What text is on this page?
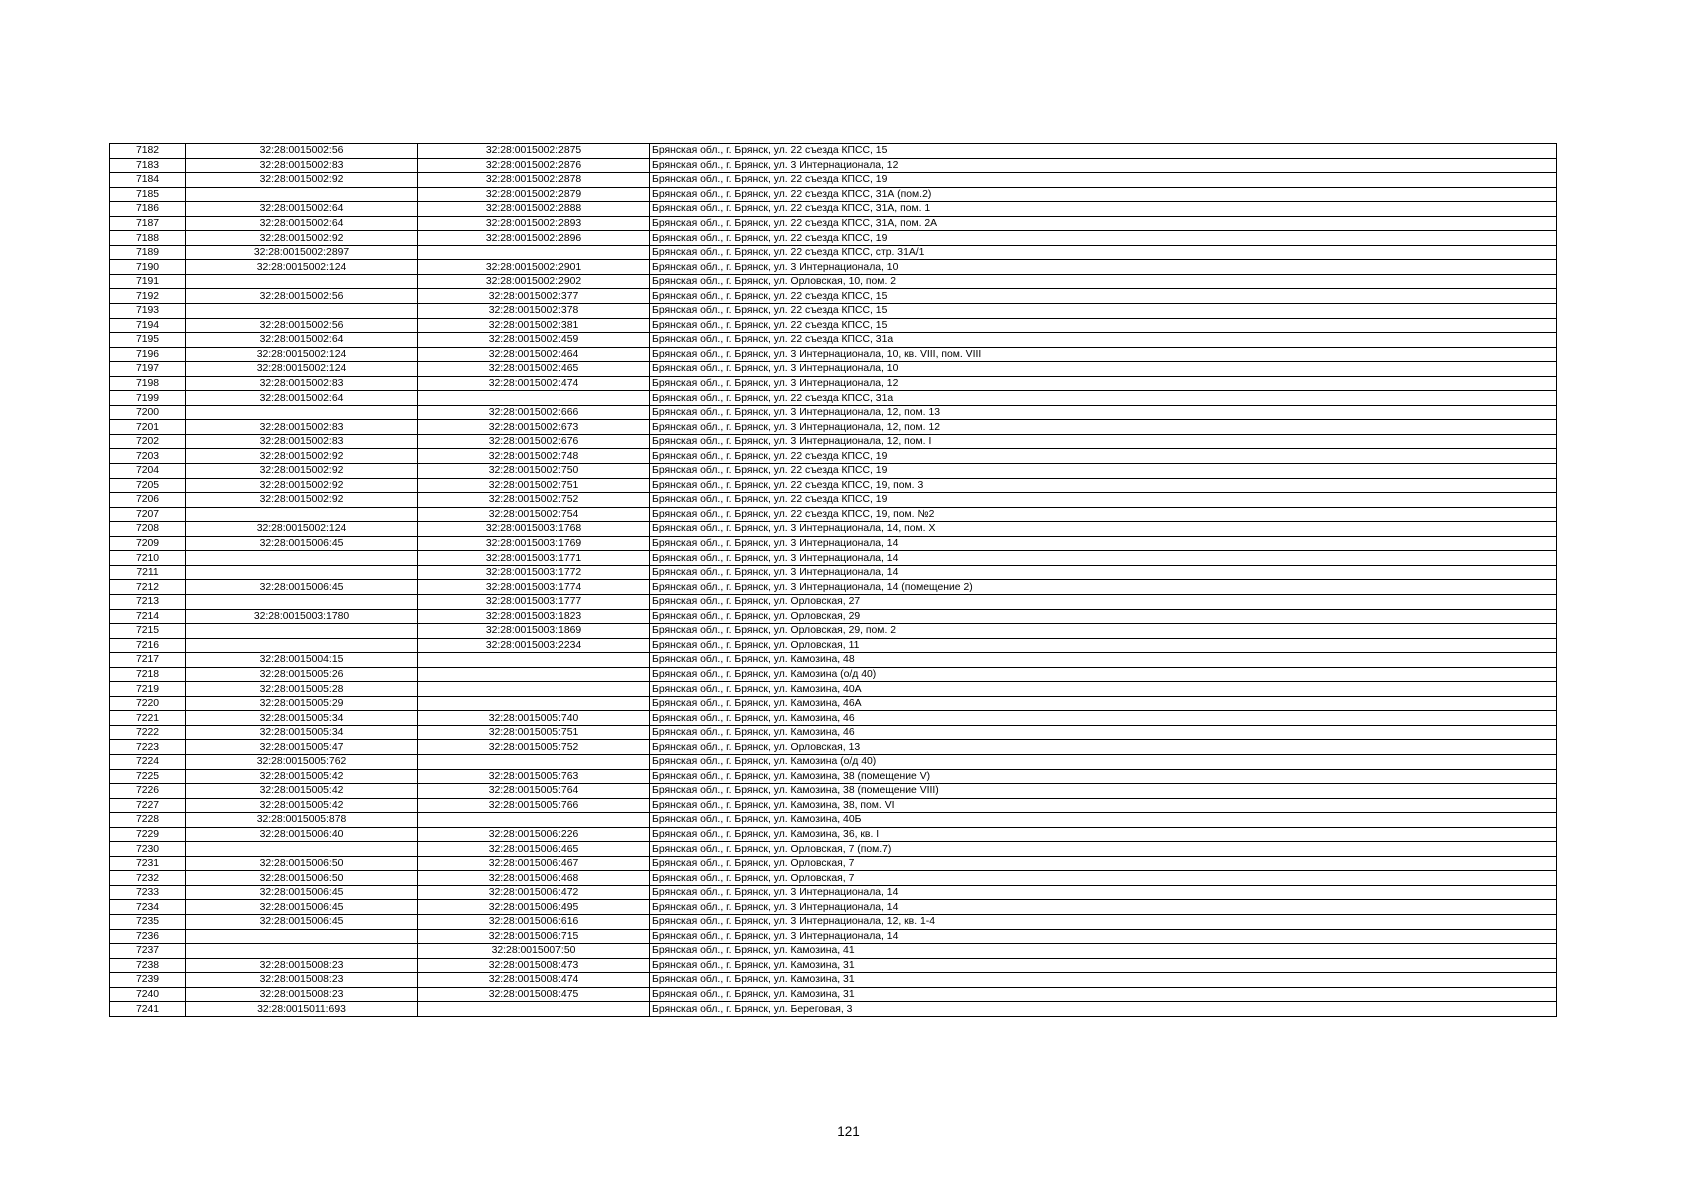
7182	32:28:0015002:56	32:28:0015002:2875	Брянская обл., г. Брянск, ул. 22 съезда КПСС, 15
7183	32:28:0015002:83	32:28:0015002:2876	Брянская обл., г. Брянск, ул. 3 Интернационала, 12
7184	32:28:0015002:92	32:28:0015002:2878	Брянская обл., г. Брянск, ул. 22 съезда КПСС, 19
7185		32:28:0015002:2879	Брянская обл., г. Брянск, ул. 22 съезда КПСС, 31А (пом.2)
7186	32:28:0015002:64	32:28:0015002:2888	Брянская обл., г. Брянск, ул. 22 съезда КПСС, 31А, пом. 1
7187	32:28:0015002:64	32:28:0015002:2893	Брянская обл., г. Брянск, ул. 22 съезда КПСС, 31А, пом. 2А
7188	32:28:0015002:92	32:28:0015002:2896	Брянская обл., г. Брянск, ул. 22 съезда КПСС, 19
7189	32:28:0015002:2897		Брянская обл., г. Брянск, ул. 22 съезда КПСС, стр. 31А/1
7190	32:28:0015002:124	32:28:0015002:2901	Брянская обл., г. Брянск, ул. 3 Интернационала, 10
7191		32:28:0015002:2902	Брянская обл., г. Брянск, ул. Орловская, 10, пом. 2
7192	32:28:0015002:56	32:28:0015002:377	Брянская обл., г. Брянск, ул. 22 съезда КПСС, 15
7193		32:28:0015002:378	Брянская обл., г. Брянск, ул. 22 съезда КПСС, 15
7194	32:28:0015002:56	32:28:0015002:381	Брянская обл., г. Брянск, ул. 22 съезда КПСС, 15
7195	32:28:0015002:64	32:28:0015002:459	Брянская обл., г. Брянск, ул. 22 съезда КПСС, 31а
7196	32:28:0015002:124	32:28:0015002:464	Брянская обл., г. Брянск, ул. 3 Интернационала, 10, кв. VIII, пом. VIII
7197	32:28:0015002:124	32:28:0015002:465	Брянская обл., г. Брянск, ул. 3 Интернационала, 10
7198	32:28:0015002:83	32:28:0015002:474	Брянская обл., г. Брянск, ул. 3 Интернационала, 12
7199	32:28:0015002:64		Брянская обл., г. Брянск, ул. 22 съезда КПСС, 31а
7200		32:28:0015002:666	Брянская обл., г. Брянск, ул. 3 Интернационала, 12, пом. 13
7201	32:28:0015002:83	32:28:0015002:673	Брянская обл., г. Брянск, ул. 3 Интернационала, 12, пом. 12
7202	32:28:0015002:83	32:28:0015002:676	Брянская обл., г. Брянск, ул. 3 Интернационала, 12, пом. I
7203	32:28:0015002:92	32:28:0015002:748	Брянская обл., г. Брянск, ул. 22 съезда КПСС, 19
7204	32:28:0015002:92	32:28:0015002:750	Брянская обл., г. Брянск, ул. 22 съезда КПСС, 19
7205	32:28:0015002:92	32:28:0015002:751	Брянская обл., г. Брянск, ул. 22 съезда КПСС, 19, пом. 3
7206	32:28:0015002:92	32:28:0015002:752	Брянская обл., г. Брянск, ул. 22 съезда КПСС, 19
7207		32:28:0015002:754	Брянская обл., г. Брянск, ул. 22 съезда КПСС, 19, пом. №2
7208	32:28:0015002:124	32:28:0015003:1768	Брянская обл., г. Брянск, ул. 3 Интернационала, 14, пом. X
7209	32:28:0015006:45	32:28:0015003:1769	Брянская обл., г. Брянск, ул. 3 Интернационала, 14
7210		32:28:0015003:1771	Брянская обл., г. Брянск, ул. 3 Интернационала, 14
7211		32:28:0015003:1772	Брянская обл., г. Брянск, ул. 3 Интернационала, 14
7212	32:28:0015006:45	32:28:0015003:1774	Брянская обл., г. Брянск, ул. 3 Интернационала, 14 (помещение 2)
7213		32:28:0015003:1777	Брянская обл., г. Брянск, ул. Орловская, 27
7214	32:28:0015003:1780	32:28:0015003:1823	Брянская обл., г. Брянск, ул. Орловская, 29
7215		32:28:0015003:1869	Брянская обл., г. Брянск, ул. Орловская, 29, пом. 2
7216		32:28:0015003:2234	Брянская обл., г. Брянск, ул. Орловская, 11
7217	32:28:0015004:15		Брянская обл., г. Брянск, ул. Камозина, 48
7218	32:28:0015005:26		Брянская обл., г. Брянск, ул. Камозина (о/д 40)
7219	32:28:0015005:28		Брянская обл., г. Брянск, ул. Камозина, 40А
7220	32:28:0015005:29		Брянская обл., г. Брянск, ул. Камозина, 46А
7221	32:28:0015005:34	32:28:0015005:740	Брянская обл., г. Брянск, ул. Камозина, 46
7222	32:28:0015005:34	32:28:0015005:751	Брянская обл., г. Брянск, ул. Камозина, 46
7223	32:28:0015005:47	32:28:0015005:752	Брянская обл., г. Брянск, ул. Орловская, 13
7224	32:28:0015005:762		Брянская обл., г. Брянск, ул. Камозина (о/д 40)
7225	32:28:0015005:42	32:28:0015005:763	Брянская обл., г. Брянск, ул. Камозина, 38 (помещение V)
7226	32:28:0015005:42	32:28:0015005:764	Брянская обл., г. Брянск, ул. Камозина, 38 (помещение VIII)
7227	32:28:0015005:42	32:28:0015005:766	Брянская обл., г. Брянск, ул. Камозина, 38, пом. VI
7228	32:28:0015005:878		Брянская обл., г. Брянск, ул. Камозина, 40Б
7229	32:28:0015006:40	32:28:0015006:226	Брянская обл., г. Брянск, ул. Камозина, 36, кв. I
7230		32:28:0015006:465	Брянская обл., г. Брянск, ул. Орловская, 7 (пом.7)
7231	32:28:0015006:50	32:28:0015006:467	Брянская обл., г. Брянск, ул. Орловская, 7
7232	32:28:0015006:50	32:28:0015006:468	Брянская обл., г. Брянск, ул. Орловская, 7
7233	32:28:0015006:45	32:28:0015006:472	Брянская обл., г. Брянск, ул. 3 Интернационала, 14
7234	32:28:0015006:45	32:28:0015006:495	Брянская обл., г. Брянск, ул. 3 Интернационала, 14
7235	32:28:0015006:45	32:28:0015006:616	Брянская обл., г. Брянск, ул. 3 Интернационала, 12, кв. 1-4
7236		32:28:0015006:715	Брянская обл., г. Брянск, ул. 3 Интернационала, 14
7237		32:28:0015007:50	Брянская обл., г. Брянск, ул. Камозина, 41
7238	32:28:0015008:23	32:28:0015008:473	Брянская обл., г. Брянск, ул. Камозина, 31
7239	32:28:0015008:23	32:28:0015008:474	Брянская обл., г. Брянск, ул. Камозина, 31
7240	32:28:0015008:23	32:28:0015008:475	Брянская обл., г. Брянск, ул. Камозина, 31
7241	32:28:0015011:693		Брянская обл., г. Брянск, ул. Береговая, 3
121
